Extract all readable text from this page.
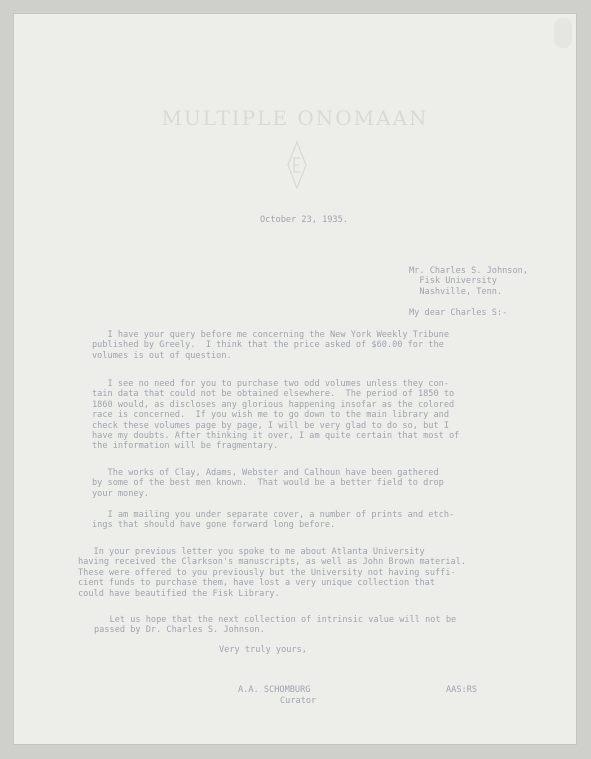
MULTIPLE ONOMAAN
October 23, 1935.
Mr. Charles S. Johnson,
Fisk University
Nashville, Tenn.
My dear Charles S:-
I have your query before me concerning the New York Weekly Tribune
published by Greely.  I think that the price asked of $60.00 for the
volumes is out of question.
I see no need for you to purchase two odd volumes unless they con-
tain data that could not be obtained elsewhere.  The period of 1850 to
1860 would, as discloses any glorious happening insofar as the colored
race is concerned.  If you wish me to go down to the main library and
check these volumes page by page, I will be very glad to do so, but I
have my doubts. After thinking it over, I am quite certain that most of
the information will be fragmentary.
The works of Clay, Adams, Webster and Calhoun have been gathered
by some of the best men known.  That would be a better field to drop
your money.
I am mailing you under separate cover, a number of prints and etch-
ings that should have gone forward long before.
In your previous letter you spoke to me about Atlanta University
having received the Clarkson's manuscripts, as well as John Brown material.
These were offered to you previously but the University not having suffi-
cient funds to purchase them, have lost a very unique collection that
could have beautified the Fisk Library.
Let us hope that the next collection of intrinsic value will not be
passed by Dr. Charles S. Johnson.
Very truly yours,
AAS:RS
A.A. SCHOMBURG
Curator
